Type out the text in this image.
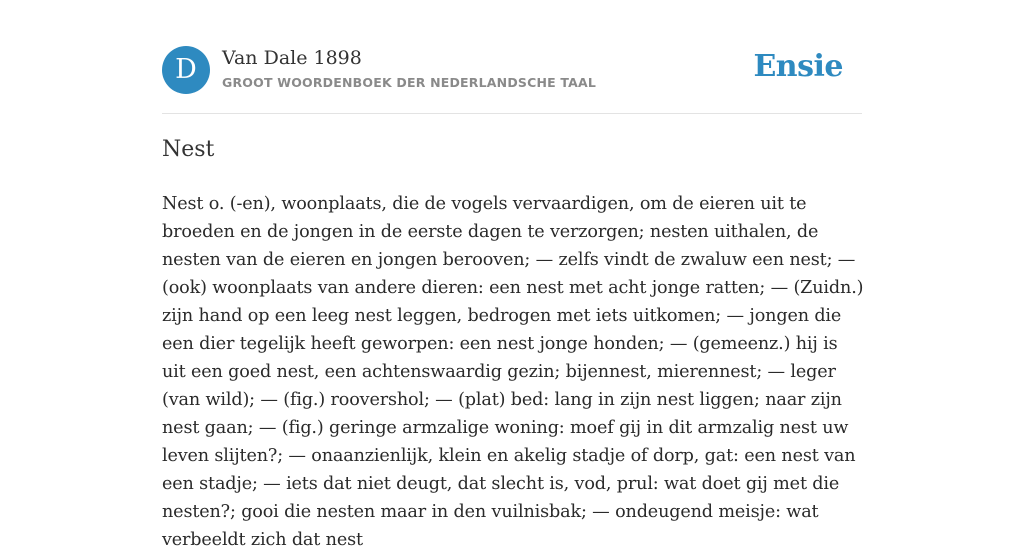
D	Van Dale 1898
GROOT WOORDENBOEK DER NEDERLANDSCHE TAAL	Ensie
Nest

Nest o. (-en), woonplaats, die de vogels vervaardigen, om de eieren uit te broeden en de jongen in de eerste dagen te verzorgen; nesten uithalen, de nesten van de eieren en jongen berooven; — zelfs vindt de zwaluw een nest; — (ook) woonplaats van andere dieren: een nest met acht jonge ratten; — (Zuidn.) zijn hand op een leeg nest leggen, bedrogen met iets uitkomen; — jongen die een dier tegelijk heeft geworpen: een nest jonge honden; — (gemeenz.) hij is uit een goed nest, een achtenswaardig gezin; bijennest, mierennest; — leger (van wild); — (fig.) roovershol; — (plat) bed: lang in zijn nest liggen; naar zijn nest gaan; — (fig.) geringe armzalige woning: moef gij in dit armzalig nest uw leven slijten?; — onaanzienlijk, klein en akelig stadje of dorp, gat: een nest van een stadje; — iets dat niet deugt, dat slecht is, vod, prul: wat doet gij met die nesten?; gooi die nesten maar in den vuilnisbak; — ondeugend meisje: wat verbeeldt zich dat nest
